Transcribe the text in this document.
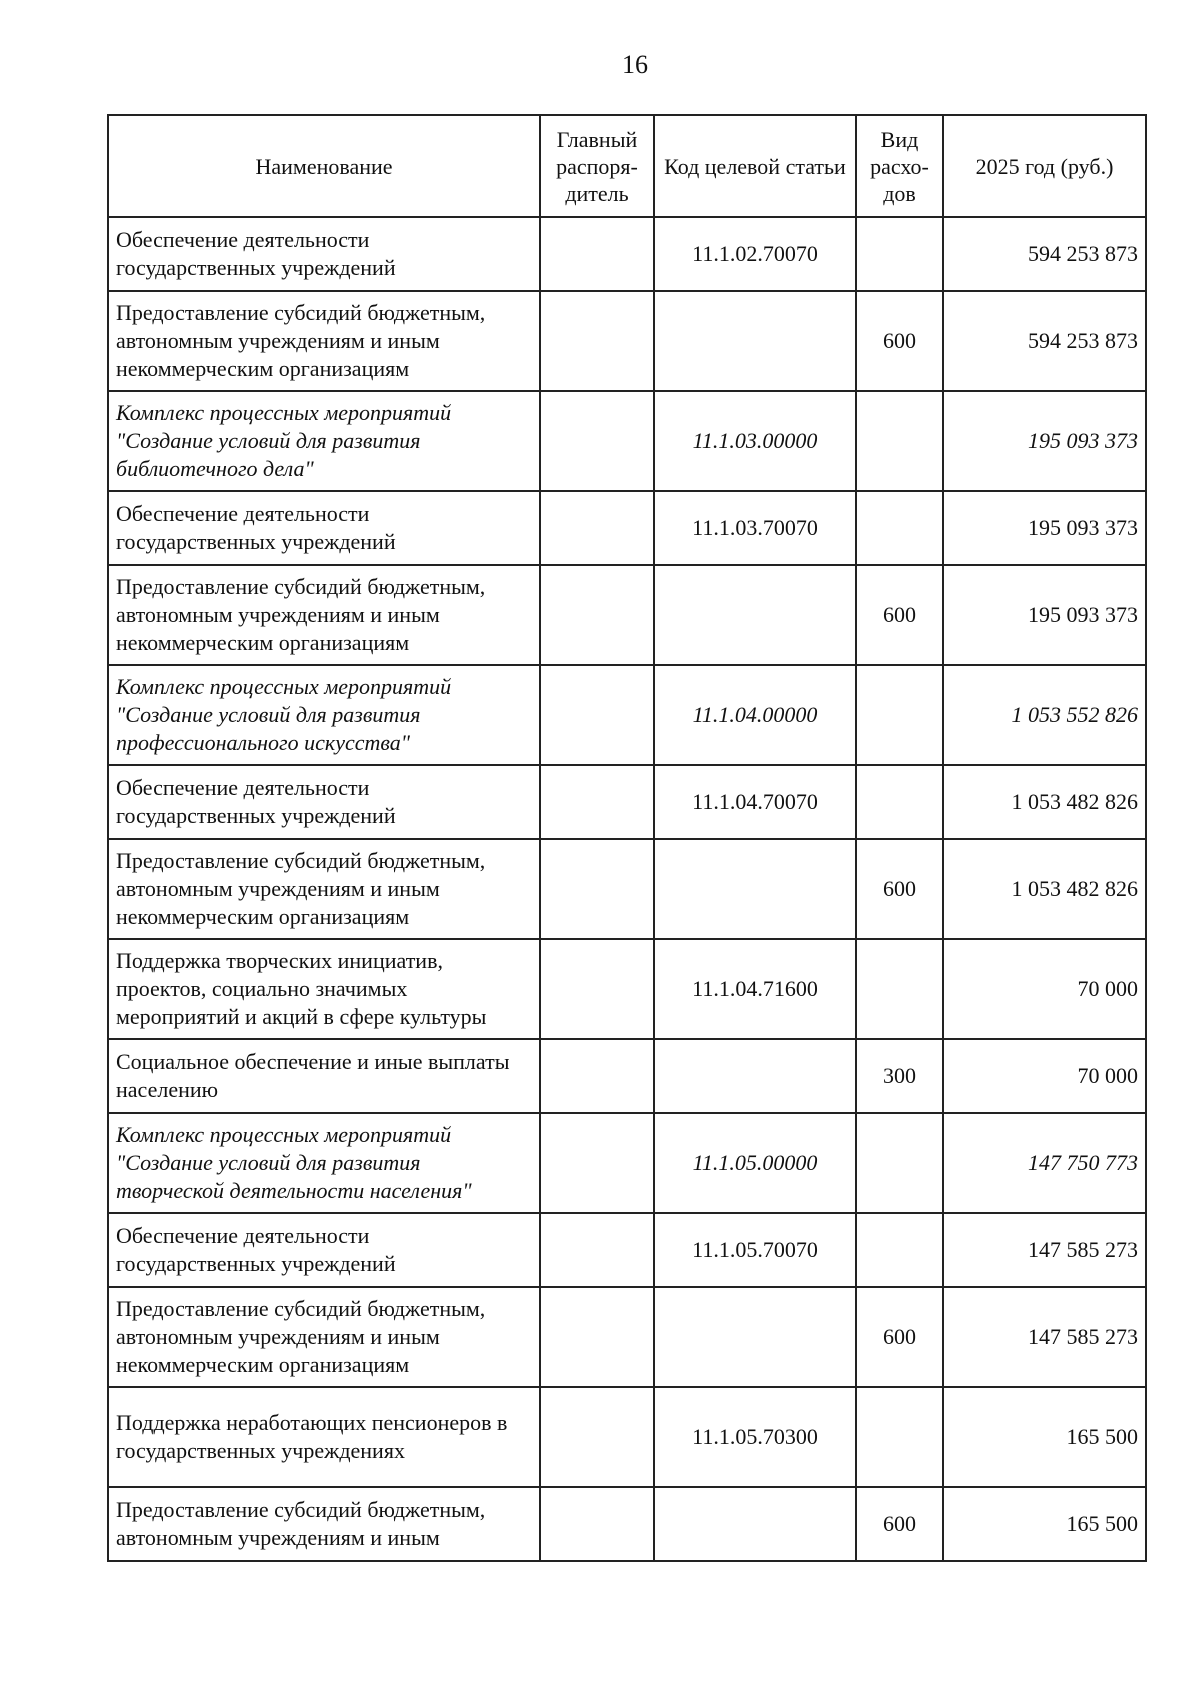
16
Наименование	Главный распоря-дитель	Код целевой статьи	Вид расхо-дов	2025 год (руб.)
Обеспечение деятельности государственных учреждений		11.1.02.70070		594 253 873
Предоставление субсидий бюджетным, автономным учреждениям и иным некоммерческим организациям			600	594 253 873
Комплекс процессных мероприятий "Создание условий для развития библиотечного дела"		11.1.03.00000		195 093 373
Обеспечение деятельности государственных учреждений		11.1.03.70070		195 093 373
Предоставление субсидий бюджетным, автономным учреждениям и иным некоммерческим организациям			600	195 093 373
Комплекс процессных мероприятий "Создание условий для развития профессионального искусства"		11.1.04.00000		1 053 552 826
Обеспечение деятельности государственных учреждений		11.1.04.70070		1 053 482 826
Предоставление субсидий бюджетным, автономным учреждениям и иным некоммерческим организациям			600	1 053 482 826
Поддержка творческих инициатив, проектов, социально значимых мероприятий и акций в сфере культуры		11.1.04.71600		70 000
Социальное обеспечение и иные выплаты населению			300	70 000
Комплекс процессных мероприятий "Создание условий для развития творческой деятельности населения"		11.1.05.00000		147 750 773
Обеспечение деятельности государственных учреждений		11.1.05.70070		147 585 273
Предоставление субсидий бюджетным, автономным учреждениям и иным некоммерческим организациям			600	147 585 273
Поддержка неработающих пенсионеров в государственных учреждениях		11.1.05.70300		165 500
Предоставление субсидий бюджетным, автономным учреждениям и иным			600	165 500
